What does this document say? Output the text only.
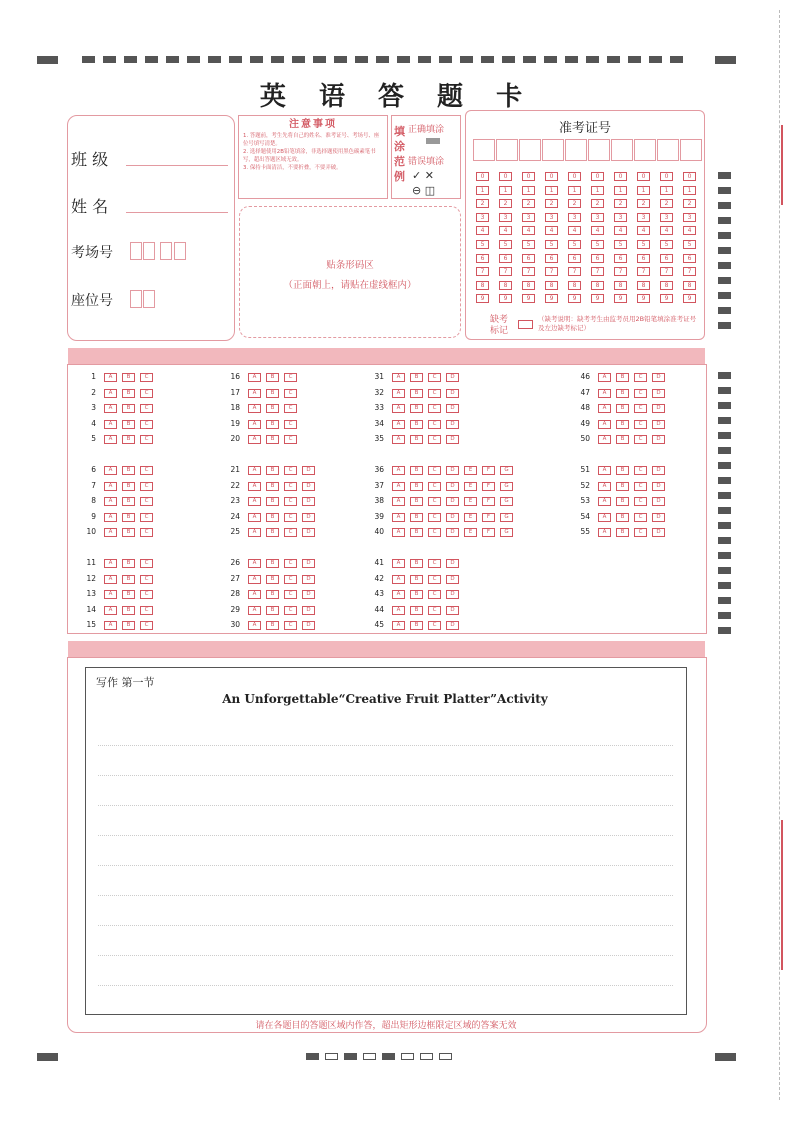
英 语 答 题 卡
班 级
姓 名
考场号
座位号
注意事项
1. 答题前，考生先将自己的姓名、准考证号、考场号、座位号填写清楚。
2. 选择题使用2B铅笔填涂，非选择题使用黑色碳素笔书写，超出答题区域无效。
3. 保持卡面清洁，不要折叠，不要弄破。
填涂范例
正确填涂
错误填涂
✓ ✕
⊖ ◫
贴条形码区
（正面朝上，请贴在虚线框内）
准考证号
0	0	0	0	0	0	0	0	0	0
1	1	1	1	1	1	1	1	1	1
2	2	2	2	2	2	2	2	2	2
3	3	3	3	3	3	3	3	3	3
4	4	4	4	4	4	4	4	4	4
5	5	5	5	5	5	5	5	5	5
6	6	6	6	6	6	6	6	6	6
7	7	7	7	7	7	7	7	7	7
8	8	8	8	8	8	8	8	8	8
9	9	9	9	9	9	9	9	9	9
缺考标记
（缺考说明：缺考考生由监考员用2B铅笔填涂准考证号及左边缺考标记）
1	A	B	C
2	A	B	C
3	A	B	C
4	A	B	C
5	A	B	C
16	A	B	C
17	A	B	C
18	A	B	C
19	A	B	C
20	A	B	C
31	A	B	C	D
32	A	B	C	D
33	A	B	C	D
34	A	B	C	D
35	A	B	C	D
46	A	B	C	D
47	A	B	C	D
48	A	B	C	D
49	A	B	C	D
50	A	B	C	D
6	A	B	C
7	A	B	C
8	A	B	C
9	A	B	C
10	A	B	C
21	A	B	C	D
22	A	B	C	D
23	A	B	C	D
24	A	B	C	D
25	A	B	C	D
36	A	B	C	D	E	F	G
37	A	B	C	D	E	F	G
38	A	B	C	D	E	F	G
39	A	B	C	D	E	F	G
40	A	B	C	D	E	F	G
51	A	B	C	D
52	A	B	C	D
53	A	B	C	D
54	A	B	C	D
55	A	B	C	D
11	A	B	C
12	A	B	C
13	A	B	C
14	A	B	C
15	A	B	C
26	A	B	C	D
27	A	B	C	D
28	A	B	C	D
29	A	B	C	D
30	A	B	C	D
41	A	B	C	D
42	A	B	C	D
43	A	B	C	D
44	A	B	C	D
45	A	B	C	D
写作 第一节
An Unforgettable“Creative Fruit Platter”Activity
请在各题目的答题区域内作答，超出矩形边框限定区域的答案无效
